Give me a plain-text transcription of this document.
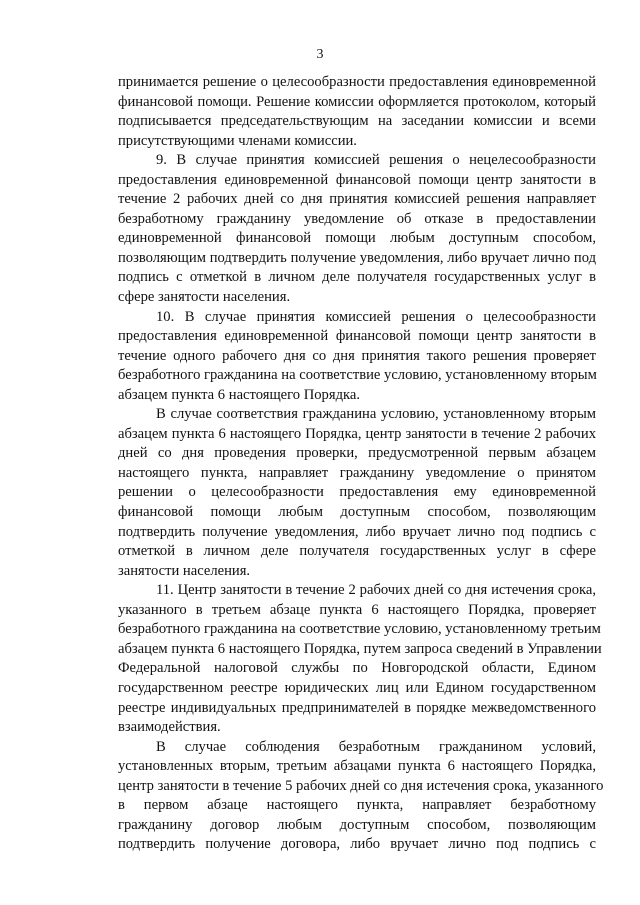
3
принимается решение о целесообразности предоставления единовременной
финансовой помощи. Решение комиссии оформляется протоколом, который
подписывается председательствующим на заседании комиссии и всеми
присутствующими членами комиссии.
9. В случае принятия комиссией решения о нецелесообразности
предоставления единовременной финансовой помощи центр занятости в
течение 2 рабочих дней со дня принятия комиссией решения направляет
безработному гражданину уведомление об отказе в предоставлении
единовременной финансовой помощи любым доступным способом,
позволяющим подтвердить получение уведомления, либо вручает лично под
подпись с отметкой в личном деле получателя государственных услуг в
сфере занятости населения.
10. В случае принятия комиссией решения о целесообразности
предоставления единовременной финансовой помощи центр занятости в
течение одного рабочего дня со дня принятия такого решения проверяет
безработного гражданина на соответствие условию, установленному вторым
абзацем пункта 6 настоящего Порядка.
В случае соответствия гражданина условию, установленному вторым
абзацем пункта 6 настоящего Порядка, центр занятости в течение 2 рабочих
дней со дня проведения проверки, предусмотренной первым абзацем
настоящего пункта, направляет гражданину уведомление о принятом
решении о целесообразности предоставления ему единовременной
финансовой помощи любым доступным способом, позволяющим
подтвердить получение уведомления, либо вручает лично под подпись с
отметкой в личном деле получателя государственных услуг в сфере
занятости населения.
11. Центр занятости в течение 2 рабочих дней со дня истечения срока,
указанного в третьем абзаце пункта 6 настоящего Порядка, проверяет
безработного гражданина на соответствие условию, установленному третьим
абзацем пункта 6 настоящего Порядка, путем запроса сведений в Управлении
Федеральной налоговой службы по Новгородской области, Едином
государственном реестре юридических лиц или Едином государственном
реестре индивидуальных предпринимателей в порядке межведомственного
взаимодействия.
В случае соблюдения безработным гражданином условий,
установленных вторым, третьим абзацами пункта 6 настоящего Порядка,
центр занятости в течение 5 рабочих дней со дня истечения срока, указанного
в первом абзаце настоящего пункта, направляет безработному
гражданину договор любым доступным способом, позволяющим
подтвердить получение договора, либо вручает лично под подпись с
